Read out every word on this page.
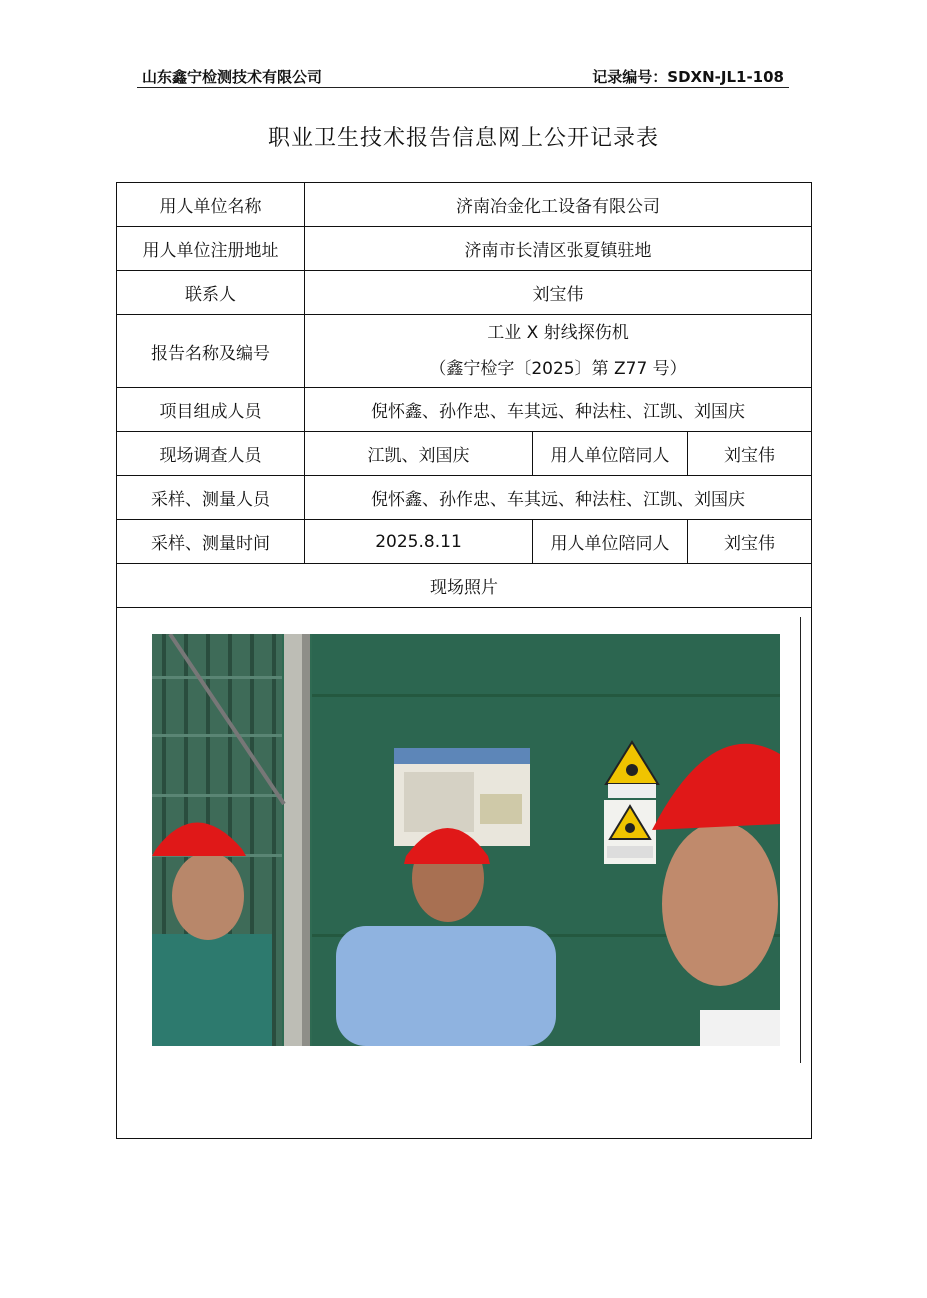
山东鑫宁检测技术有限公司	记录编号：SDXN-JL1-108
职业卫生技术报告信息网上公开记录表
用人单位名称	济南冶金化工设备有限公司		
用人单位注册地址	济南市长清区张夏镇驻地		
联系人	刘宝伟		
报告名称及编号	工业 X 射线探伤机
（鑫宁检字〔2025〕第 Z77 号）		

项目组成人员	倪怀鑫、孙作忠、车其远、种法柱、江凯、刘国庆		
现场调查人员	江凯、刘国庆	用人单位陪同人	刘宝伟
采样、测量人员	倪怀鑫、孙作忠、车其远、种法柱、江凯、刘国庆		
采样、测量时间	2025.8.11	用人单位陪同人	刘宝伟
现场照片			
